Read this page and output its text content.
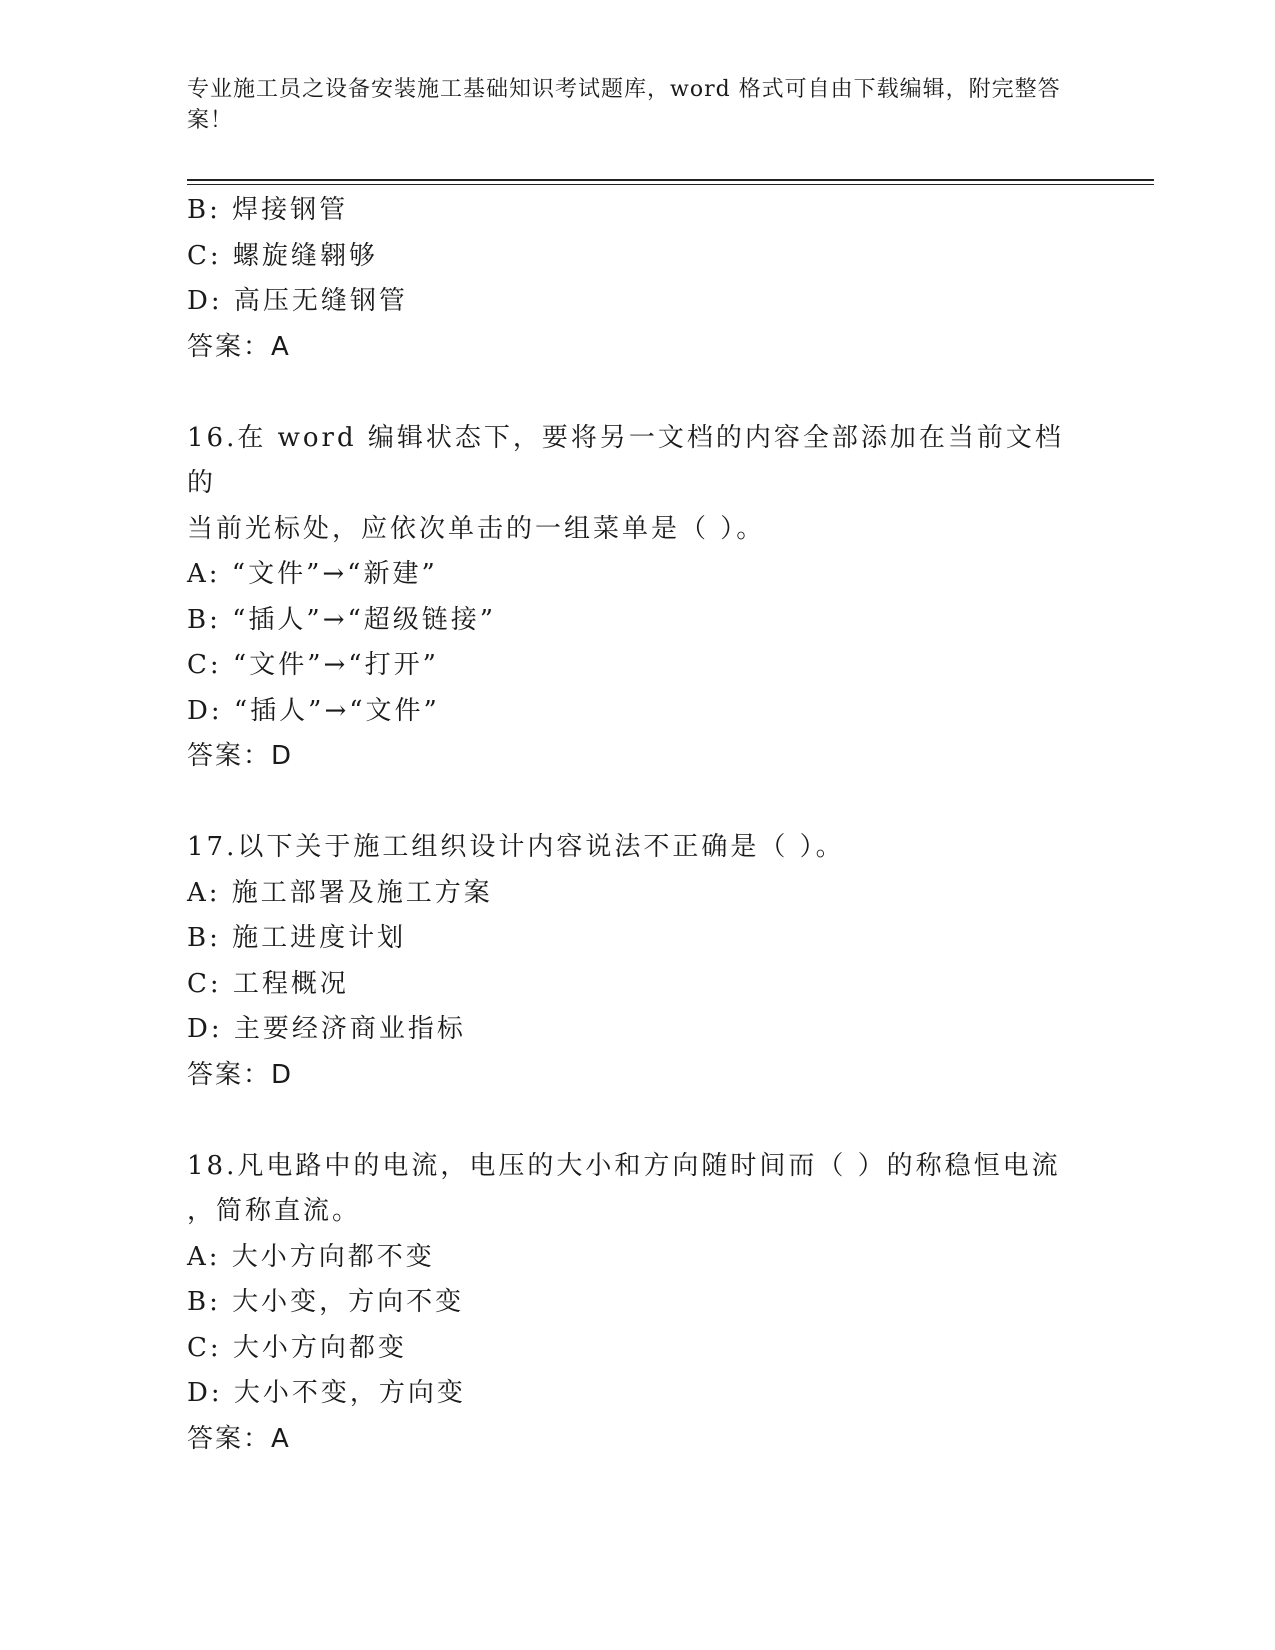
专业施工员之设备安装施工基础知识考试题库，word 格式可自由下载编辑，附完整答案！
B: 焊接钢管
C: 螺旋缝翱够
D: 高压无缝钢管
答案：A
16.在 word 编辑状态下，要将另一文档的内容全部添加在当前文档的
当前光标处，应依次单击的一组菜单是（ ）。
A: “文件”→“新建”
B: “插人”→“超级链接”
C: “文件”→“打开”
D: “插人”→“文件”
答案：D
17.以下关于施工组织设计内容说法不正确是（ ）。
A: 施工部署及施工方案
B: 施工进度计划
C: 工程概况
D: 主要经济商业指标
答案：D
18.凡电路中的电流，电压的大小和方向随时间而（ ）的称稳恒电流
，简称直流。
A: 大小方向都不变
B: 大小变，方向不变
C: 大小方向都变
D: 大小不变，方向变
答案：A
